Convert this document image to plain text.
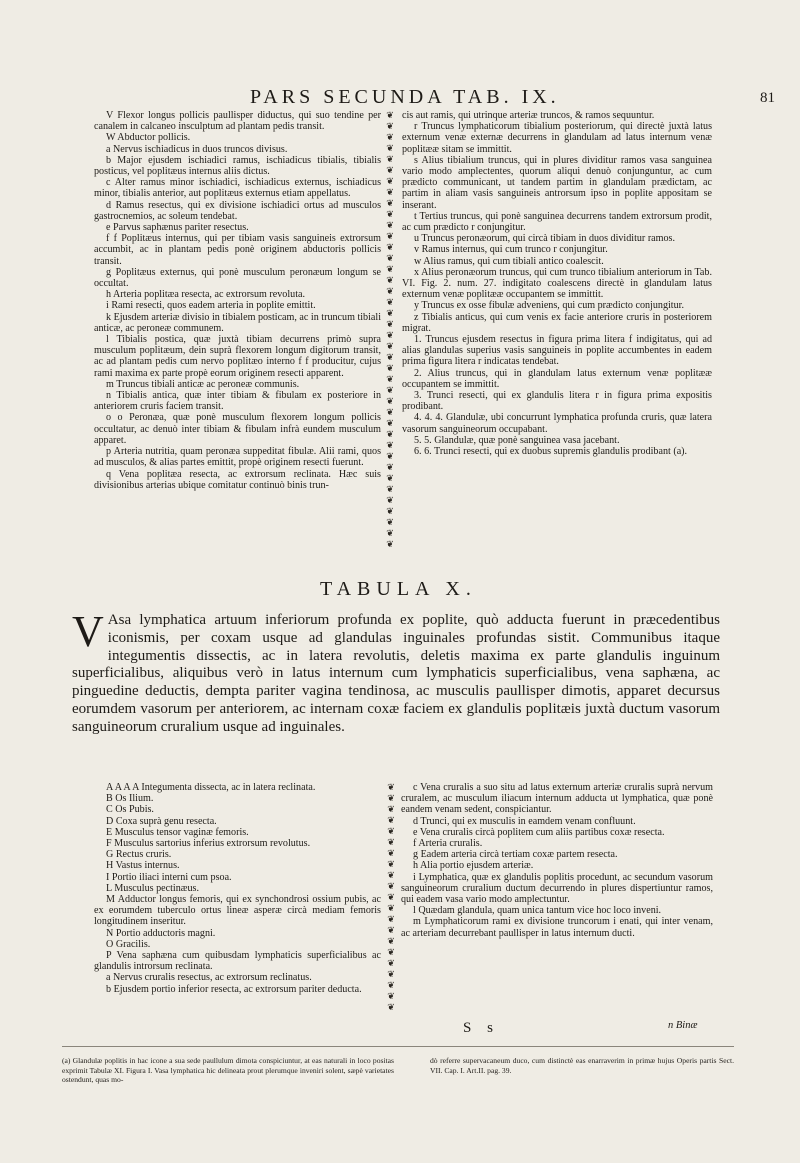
PARS SECUNDA TAB. IX.	81

V Flexor longus pollicis paullisper diductus, qui suo tendine per canalem in calcaneo insculptum ad plantam pedis transit.

W Abductor pollicis.

a Nervus ischiadicus in duos truncos divisus.

b Major ejusdem ischiadici ramus, ischiadicus tibialis, tibialis posticus, vel poplitæus internus aliis dictus.

c Alter ramus minor ischiadici, ischiadicus externus, ischiadicus minor, tibialis anterior, aut poplitæus externus etiam appellatus.

d Ramus resectus, qui ex divisione ischiadici ortus ad musculos gastrocnemios, ac soleum tendebat.

e Parvus saphænus pariter resectus.

f f Poplitæus internus, qui per tibiam vasis sanguineis extrorsum accumbit, ac in plantam pedis ponè originem abductoris pollicis transit.

g Poplitæus externus, qui ponè musculum peronæum longum se occultat.

h Arteria poplitæa resecta, ac extrorsum revoluta.

i Rami resecti, quos eadem arteria in poplite emittit.

k Ejusdem arteriæ divisio in tibialem posticam, ac in truncum tibiali anticæ, ac peroneæ communem.

l Tibialis postica, quæ juxtà tibiam decurrens primò supra musculum poplitæum, dein suprà flexorem longum digitorum transit, ac ad plantam pedis cum nervo poplitæo interno f f producitur, cujus rami maxima ex parte propè eorum originem resecti apparent.

m Truncus tibiali anticæ ac peroneæ communis.

n Tibialis antica, quæ inter tibiam & fibulam ex posteriore in anteriorem cruris faciem transit.

o o Peronæa, quæ ponè musculum flexorem longum pollicis occultatur, ac denuò inter tibiam & fibulam infrà eundem musculum apparet.

p Arteria nutritia, quam peronæa suppeditat fibulæ. Alii rami, quos ad musculos, & alias partes emittit, propè originem resecti fuerunt.

q Vena poplitæa resecta, ac extrorsum reclinata. Hæc suis divisionibus arterias ubique comitatur continuò binis trun-

❦
❦
❦
❦
❦
❦
❦
❦
❦
❦
❦
❦
❦
❦
❦
❦
❦
❦
❦
❦
❦
❦
❦
❦
❦
❦
❦
❦
❦
❦
❦
❦
❦
❦
❦
❦
❦
❦
❦
❦

cis aut ramis, qui utrinque arteriæ truncos, & ramos sequuntur.

r Truncus lymphaticorum tibialium posteriorum, qui directè juxtà latus externum venæ externæ decurrens in glandulam ad latus internum venæ poplitææ sitam se immittit.

s Alius tibialium truncus, qui in plures dividitur ramos vasa sanguinea vario modo amplectentes, quorum aliqui denuò conjunguntur, ac cum prædicto communicant, ut tandem partim in glandulam prædictam, ac partim in aliam vasis sanguineis antrorsum ipso in poplite appositam se inserant.

t Tertius truncus, qui ponè sanguinea decurrens tandem extrorsum prodit, ac cum prædicto r conjungitur.

u Truncus peronæorum, qui circà tibiam in duos dividitur ramos.

v Ramus internus, qui cum trunco r conjungitur.

w Alius ramus, qui cum tibiali antico coalescit.

x Alius peronæorum truncus, qui cum trunco tibialium anteriorum in Tab. VI. Fig. 2. num. 27. indigitato coalescens directè in glandulam latus externum venæ poplitææ occupantem se immittit.

y Truncus ex osse fibulæ adveniens, qui cum prædicto conjungitur.

z Tibialis anticus, qui cum venis ex facie anteriore cruris in posteriorem migrat.

1. Truncus ejusdem resectus in figura prima litera f indigitatus, qui ad alias glandulas superius vasis sanguineis in poplite accumbentes in eadem prima figura litera r indicatas tendebat.

2. Alius truncus, qui in glandulam latus externum venæ poplitææ occupantem se immittit.

3. Trunci resecti, qui ex glandulis litera r in figura prima expositis prodibant.

4. 4. 4. Glandulæ, ubi concurrunt lymphatica profunda cruris, quæ latera vasorum sanguineorum occupabant.

5. 5. Glandulæ, quæ ponè sanguinea vasa jacebant.

6. 6. Trunci resecti, qui ex duobus supremis glandulis prodibant (a).

TABULA X.
V Asa lymphatica artuum inferiorum profunda ex poplite, quò adducta fuerunt in præcedentibus iconismis, per coxam usque ad glandulas inguinales profundas sistit. Communibus itaque integumentis dissectis, ac in latera revolutis, deletis maxima ex parte glandulis inguinum superficialibus, aliquibus verò in latus internum cum lymphaticis superficialibus, vena saphæna, ac pinguedine deductis, dempta pariter vagina tendinosa, ac musculis paullisper dimotis, apparet decursus eorumdem vasorum per anteriorem, ac internam coxæ faciem ex glandulis poplitæis juxtà ductum vasorum sanguineorum cruralium usque ad inguinales.

A A A A Integumenta dissecta, ac in latera reclinata.

B Os Ilium.

C Os Pubis.

D Coxa suprà genu resecta.

E Musculus tensor vaginæ femoris.

F Musculus sartorius inferius extrorsum revolutus.

G Rectus cruris.

H Vastus internus.

I Portio iliaci interni cum psoa.

L Musculus pectinæus.

M Adductor longus femoris, qui ex synchondrosi ossium pubis, ac ex eorumdem tuberculo ortus lineæ asperæ circà mediam femoris longitudinem inseritur.

N Portio adductoris magni.

O Gracilis.

P Vena saphæna cum quibusdam lymphaticis superficialibus ac glandulis introrsum reclinata.

a Nervus cruralis resectus, ac extrorsum reclinatus.

b Ejusdem portio inferior resecta, ac extrorsum pariter deducta.

❦
❦
❦
❦
❦
❦
❦
❦
❦
❦
❦
❦
❦
❦
❦
❦
❦
❦
❦
❦
❦

c Vena cruralis a suo situ ad latus externum arteriæ cruralis suprà nervum cruralem, ac musculum iliacum internum adducta ut lymphatica, quæ ponè eandem venam sedent, conspiciantur.

d Trunci, qui ex musculis in eamdem venam confluunt.

e Vena cruralis circà poplitem cum aliis partibus coxæ resecta.

f Arteria cruralis.

g Eadem arteria circà tertiam coxæ partem resecta.

h Alia portio ejusdem arteriæ.

i Lymphatica, quæ ex glandulis poplitis procedunt, ac secundum vasorum sanguineorum cruralium ductum decurrendo in plures dispertiuntur ramos, qui eadem vasa vario modo amplectuntur.

l Quædam glandula, quam unica tantum vice hoc loco inveni.

m Lymphaticorum rami ex divisione truncorum i enati, qui inter venam, ac arteriam decurrebant paullisper in latus internum ducti.

S s	n Binæ
(a) Glandulæ poplitis in hac icone a sua sede paullulum dimota conspiciuntur, at eas naturali in loco positas exprimit Tabulæ XI. Figura I. Vasa lymphatica hic delineata prout plerumque inveniri solent, sæpè varietates ostendunt, quas mo-
dò referre supervacaneum duco, cum distinctè eas enarraverim in primæ hujus Operis partis Sect. VII. Cap. I. Art.II. pag. 39.
